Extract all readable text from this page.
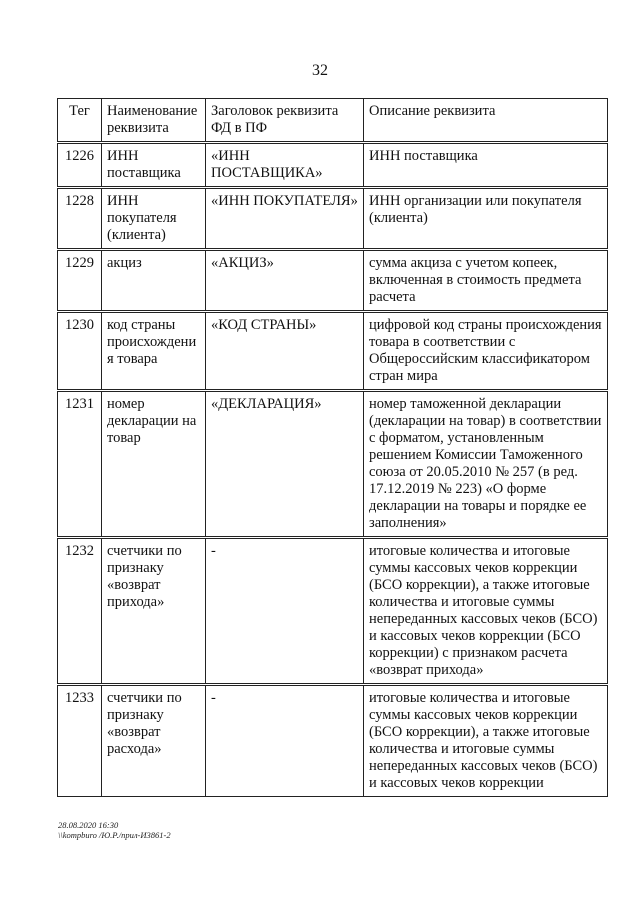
32
Тег	Наименование реквизита	Заголовок реквизита ФД в ПФ	Описание реквизита
1226	ИНН поставщика	«ИНН ПОСТАВЩИКА»	ИНН поставщика
1228	ИНН покупателя (клиента)	«ИНН ПОКУПАТЕЛЯ»	ИНН организации или покупателя (клиента)
1229	акциз	«АКЦИЗ»	сумма акциза с учетом копеек, включенная в стоимость предмета расчета
1230	код страны происхождени я товара	«КОД СТРАНЫ»	цифровой код страны происхождения товара в соответствии с Общероссийским классификатором стран мира
1231	номер декларации на товар	«ДЕКЛАРАЦИЯ»	номер таможенной декларации (декларации на товар) в соответствии с форматом, установленным решением Комиссии Таможенного союза от 20.05.2010 № 257 (в ред. 17.12.2019 № 223) «О форме декларации на товары и порядке ее заполнения»
1232	счетчики по признаку «возврат прихода»	-	итоговые количества и итоговые суммы кассовых чеков коррекции (БСО коррекции), а также итоговые количества и итоговые суммы непереданных кассовых чеков (БСО) и кассовых чеков коррекции (БСО коррекции) с признаком расчета «возврат прихода»
1233	счетчики по признаку «возврат расхода»	-	итоговые количества и итоговые суммы кассовых чеков коррекции (БСО коррекции), а также итоговые количества и итоговые суммы непереданных кассовых чеков (БСО) и кассовых чеков коррекции
28.08.2020 16:30
\\kompburo /Ю.Р./прил-И3861-2
